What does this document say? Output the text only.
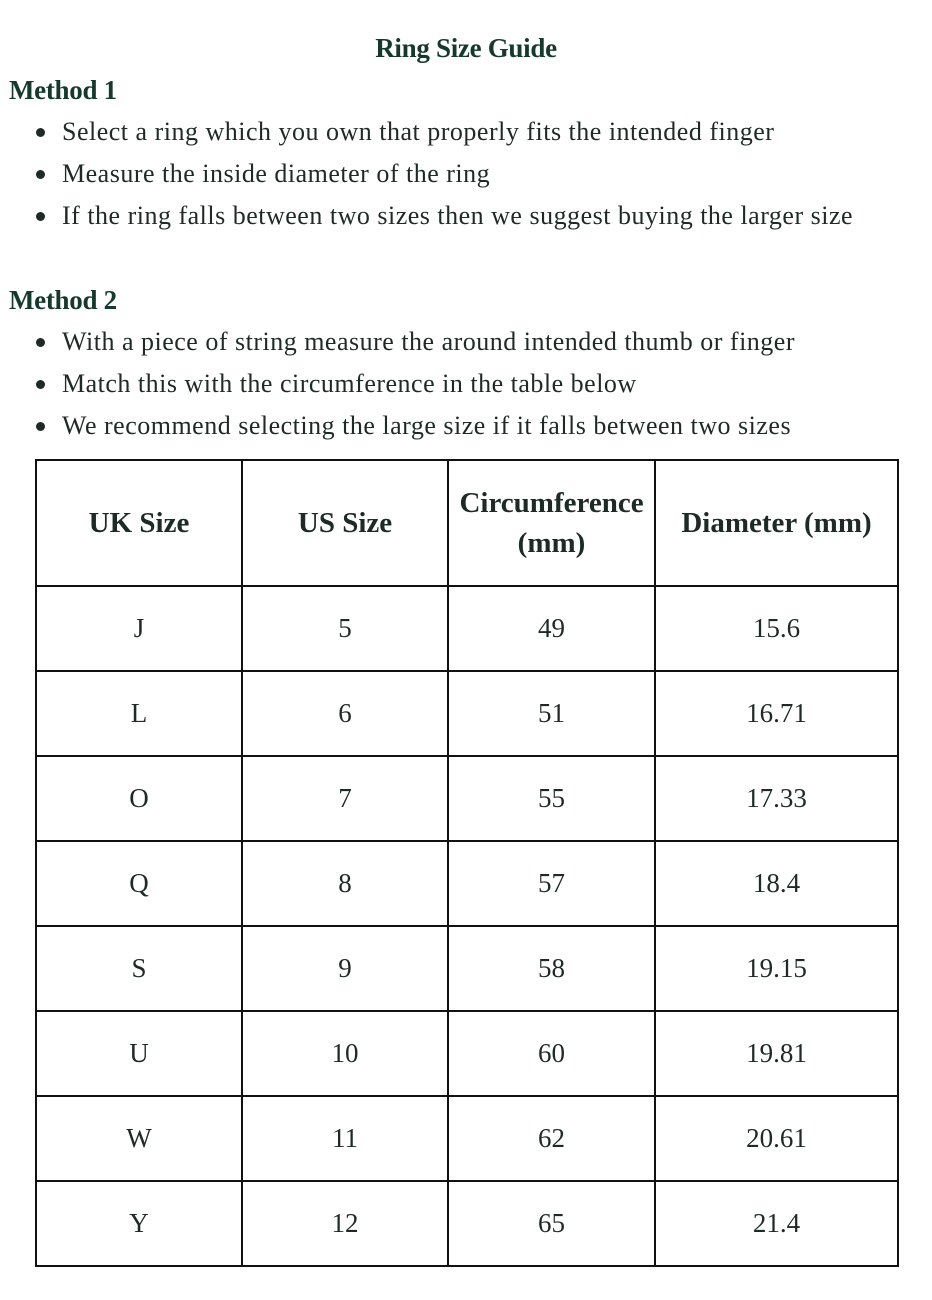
Ring Size Guide
Method 1
Select a ring which you own that properly fits the intended finger
Measure the inside diameter of the ring
If the ring falls between two sizes then we suggest buying the larger size
Method 2
With a piece of string measure the around intended thumb or finger
Match this with the circumference in the table below
We recommend selecting the large size if it falls between two sizes
UK Size	US Size	Circumference (mm)	Diameter (mm)
J	5	49	15.6
L	6	51	16.71
O	7	55	17.33
Q	8	57	18.4
S	9	58	19.15
U	10	60	19.81
W	11	62	20.61
Y	12	65	21.4
